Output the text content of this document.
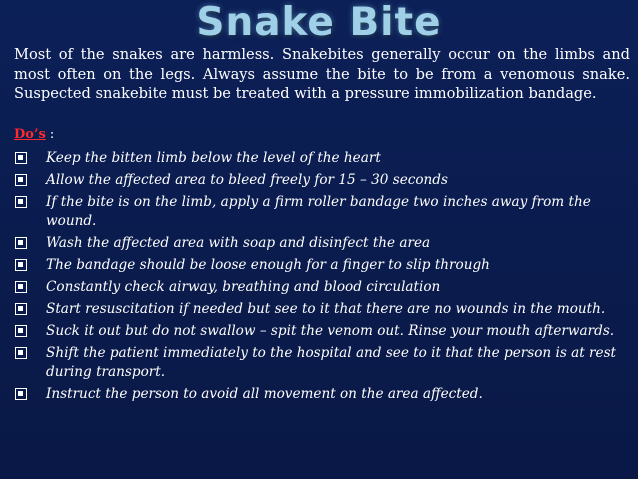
Snake Bite
Most of the snakes are harmless. Snakebites generally occur on the limbs and most often on the legs. Always assume the bite to be from a venomous snake. Suspected snakebite must be treated with a pressure immobilization bandage.
Do’s :
Keep the bitten limb below the level of the heart
Allow the affected area to bleed freely for 15 – 30 seconds
If the bite is on the limb, apply a firm roller bandage two inches away from the wound.
Wash the affected area with soap and disinfect the area
The bandage should be loose enough for a finger to slip through
Constantly check airway, breathing and blood circulation
Start resuscitation if needed but see to it that there are no wounds in the mouth.
Suck it out but do not swallow – spit the venom out. Rinse your mouth afterwards.
Shift the patient immediately to the hospital and see to it that the person is at rest during transport.
Instruct the person to avoid all movement on the area affected.
